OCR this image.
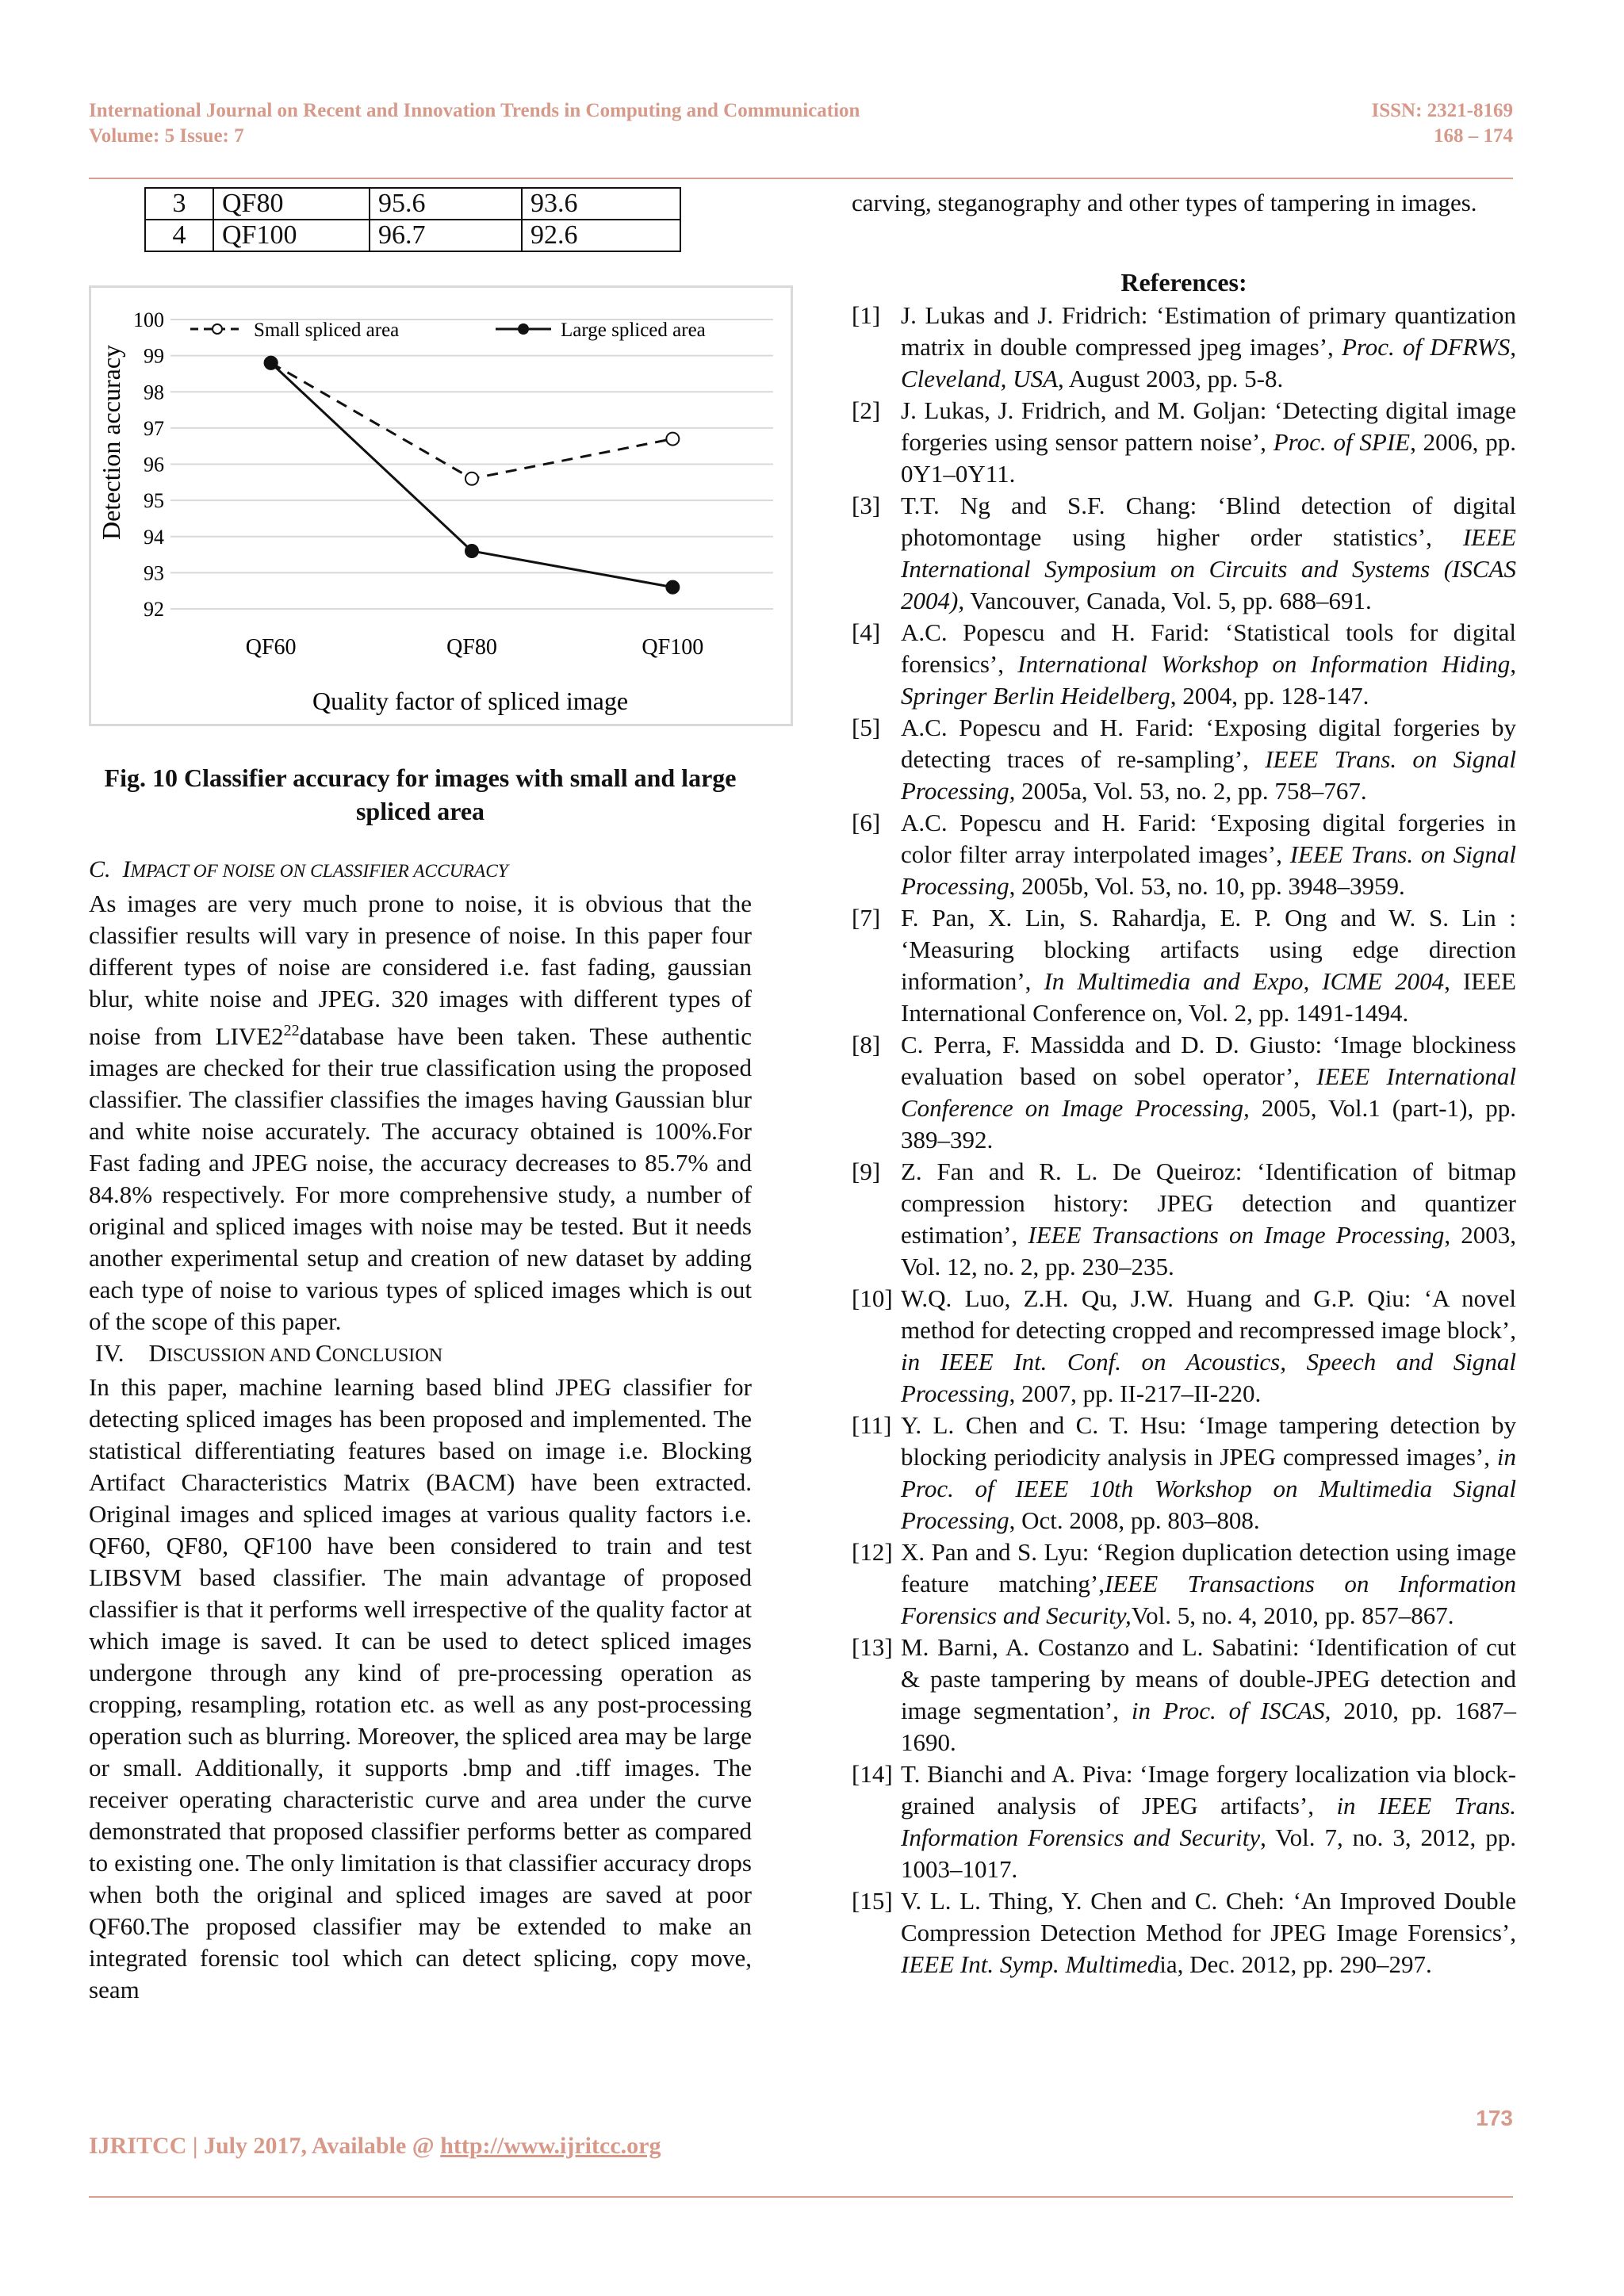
International Journal on Recent and Innovation Trends in Computing and Communication
Volume: 5 Issue: 7
ISSN: 2321-8169
168 – 174
3	QF80	95.6	93.6
4	QF100	96.7	92.6
92
93
94
95
96
97
98
99
100
QF60	QF80	QF100
Small spliced area	Large spliced area
Detection accuracy
Quality factor of spliced image
Fig. 10 Classifier accuracy for images with small and large spliced area
C. IMPACT OF NOISE ON CLASSIFIER ACCURACY

As images are very much prone to noise, it is obvious that the classifier results will vary in presence of noise. In this paper four different types of noise are considered i.e. fast fading, gaussian blur, white noise and JPEG. 320 images with different types of noise from $LIVE2^{22}database$ have been taken. These authentic images are checked for their true classification using the proposed classifier. The classifier classifies the images having Gaussian blur and white noise accurately. The accuracy obtained is 100%.For Fast fading and JPEG noise, the accuracy decreases to 85.7% and 84.8% respectively. For more comprehensive study, a number of original and spliced images with noise may be tested. But it needs another experimental setup and creation of new dataset by adding each type of noise to various types of spliced images which is out of the scope of this paper.

IV. DISCUSSION AND CONCLUSION

In this paper, machine learning based blind JPEG classifier for detecting spliced images has been proposed and implemented. The statistical differentiating features based on image i.e. Blocking Artifact Characteristics Matrix (BACM) have been extracted. Original images and spliced images at various quality factors i.e. QF60, QF80, QF100 have been considered to train and test LIBSVM based classifier. The main advantage of proposed classifier is that it performs well irrespective of the quality factor at which image is saved. It can be used to detect spliced images undergone through any kind of pre-processing operation as cropping, resampling, rotation etc. as well as any post-processing operation such as blurring. Moreover, the spliced area may be large or small. Additionally, it supports .bmp and .tiff images. The receiver operating characteristic curve and area under the curve demonstrated that proposed classifier performs better as compared to existing one. The only limitation is that classifier accuracy drops when both the original and spliced images are saved at poor QF60.The proposed classifier may be extended to make an integrated forensic tool which can detect splicing, copy move, seam

carving, steganography and other types of tampering in images.

References:
[1] J. Lukas and J. Fridrich: ‘Estimation of primary quantization matrix in double compressed jpeg images’, Proc. of DFRWS, Cleveland, USA, August 2003, pp. 5-8.
[2] J. Lukas, J. Fridrich, and M. Goljan: ‘Detecting digital image forgeries using sensor pattern noise’, Proc. of SPIE, 2006, pp. 0Y1–0Y11.
[3] T.T. Ng and S.F. Chang: ‘Blind detection of digital photomontage using higher order statistics’, IEEE International Symposium on Circuits and Systems (ISCAS 2004), Vancouver, Canada, Vol. 5, pp. 688–691.
[4] A.C. Popescu and H. Farid: ‘Statistical tools for digital forensics’, International Workshop on Information Hiding, Springer Berlin Heidelberg, 2004, pp. 128-147.
[5] A.C. Popescu and H. Farid: ‘Exposing digital forgeries by detecting traces of re-sampling’, IEEE Trans. on Signal Processing, 2005a, Vol. 53, no. 2, pp. 758–767.
[6] A.C. Popescu and H. Farid: ‘Exposing digital forgeries in color filter array interpolated images’, IEEE Trans. on Signal Processing, 2005b, Vol. 53, no. 10, pp. 3948–3959.
[7] F. Pan, X. Lin, S. Rahardja, E. P. Ong and W. S. Lin : ‘Measuring blocking artifacts using edge direction information’, In Multimedia and Expo, ICME 2004, IEEE International Conference on, Vol. 2, pp. 1491-1494.
[8] C. Perra, F. Massidda and D. D. Giusto: ‘Image blockiness evaluation based on sobel operator’, IEEE International Conference on Image Processing, 2005, Vol.1 (part-1), pp. 389–392.
[9] Z. Fan and R. L. De Queiroz: ‘Identification of bitmap compression history: JPEG detection and quantizer estimation’, IEEE Transactions on Image Processing, 2003, Vol. 12, no. 2, pp. 230–235.
[10] W.Q. Luo, Z.H. Qu, J.W. Huang and G.P. Qiu: ‘A novel method for detecting cropped and recompressed image block’, in IEEE Int. Conf. on Acoustics, Speech and Signal Processing, 2007, pp. II-217–II-220.
[11] Y. L. Chen and C. T. Hsu: ‘Image tampering detection by blocking periodicity analysis in JPEG compressed images’, in Proc. of IEEE 10th Workshop on Multimedia Signal Processing, Oct. 2008, pp. 803–808.
[12] X. Pan and S. Lyu: ‘Region duplication detection using image feature matching’,IEEE Transactions on Information Forensics and Security,Vol. 5, no. 4, 2010, pp. 857–867.
[13] M. Barni, A. Costanzo and L. Sabatini: ‘Identification of cut & paste tampering by means of double-JPEG detection and image segmentation’, in Proc. of ISCAS, 2010, pp. 1687–1690.
[14] T. Bianchi and A. Piva: ‘Image forgery localization via block-grained analysis of JPEG artifacts’, in IEEE Trans. Information Forensics and Security, Vol. 7, no. 3, 2012, pp. 1003–1017.
[15] V. L. L. Thing, Y. Chen and C. Cheh: ‘An Improved Double Compression Detection Method for JPEG Image Forensics’, IEEE Int. Symp. Multimedia, Dec. 2012, pp. 290–297.
173
IJRITCC | July 2017, Available @ http://www.ijritcc.org
